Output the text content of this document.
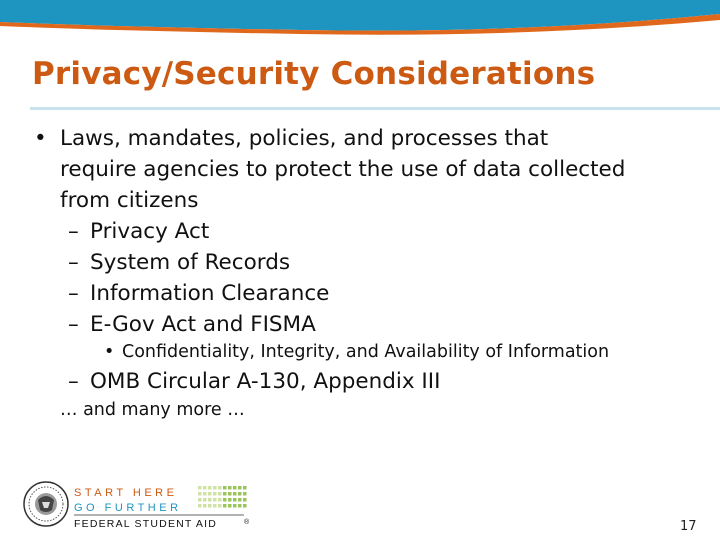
Privacy/Security Considerations
• Laws, mandates, policies, and processes that
require agencies to protect the use of data collected
from citizens
– Privacy Act
– System of Records
– Information Clearance
– E-Gov Act and FISMA
• Confidentiality, Integrity, and Availability of Information
– OMB Circular A-130, Appendix III
… and many more …
START HERE
GO FURTHER
FEDERAL STUDENT AID	®	17
